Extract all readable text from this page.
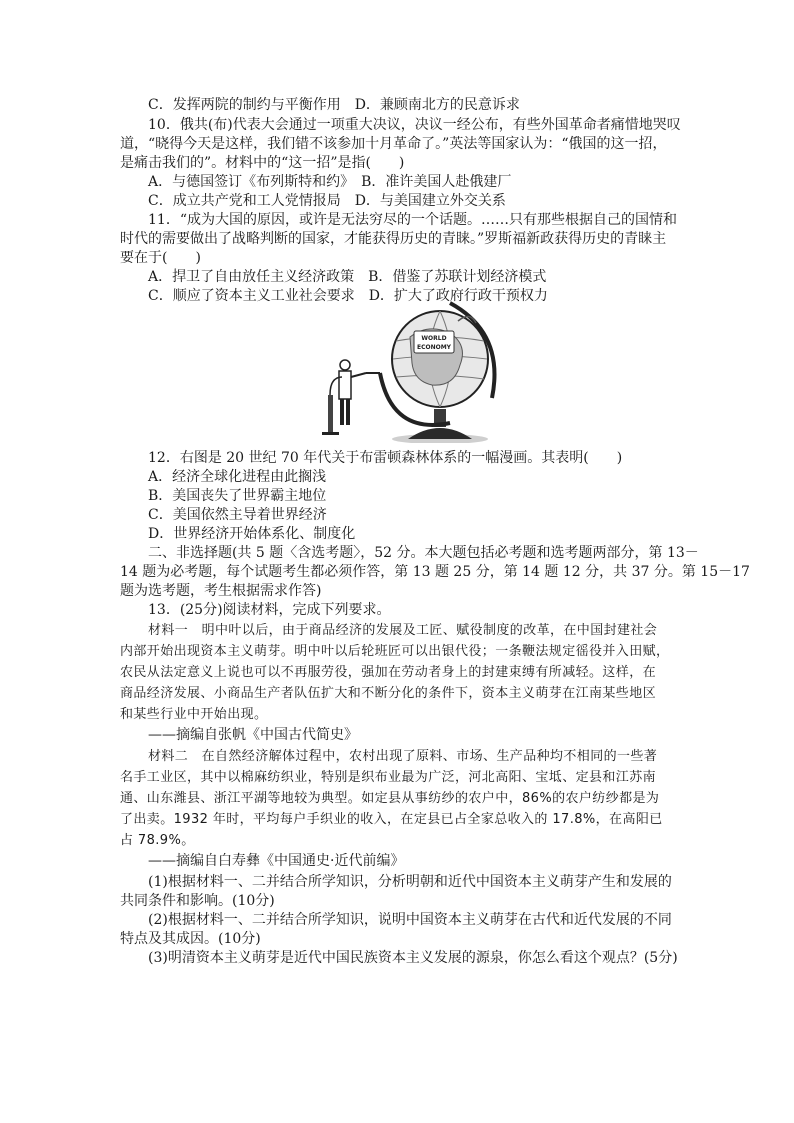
C．发挥两院的制约与平衡作用　D．兼顾南北方的民意诉求
10．俄共(布)代表大会通过一项重大决议，决议一经公布，有些外国革命者痛惜地哭叹
道，“晓得今天是这样，我们错不该参加十月革命了。”英法等国家认为：“俄国的这一招，
是痛击我们的”。材料中的“这一招”是指(　　)
A．与德国签订《布列斯特和约》　B．准许美国人赴俄建厂
C．成立共产党和工人党情报局　D．与美国建立外交关系
11．“成为大国的原因，或许是无法穷尽的一个话题。……只有那些根据自己的国情和
时代的需要做出了战略判断的国家，才能获得历史的青睐。”罗斯福新政获得历史的青睐主
要在于(　　)
A．捍卫了自由放任主义经济政策　B．借鉴了苏联计划经济模式
C．顺应了资本主义工业社会要求　D．扩大了政府行政干预权力
WORLD
ECONOMY
12．右图是 20 世纪 70 年代关于布雷顿森林体系的一幅漫画。其表明(　　)
A．经济全球化进程由此搁浅
B．美国丧失了世界霸主地位
C．美国依然主导着世界经济
D．世界经济开始体系化、制度化
二、非选择题(共 5 题〈含选考题〉，52 分。本大题包括必考题和选考题两部分，第 13－
14 题为必考题，每个试题考生都必须作答，第 13 题 25 分，第 14 题 12 分，共 37 分。第 15－17
题为选考题，考生根据需求作答)
13．(25分)阅读材料，完成下列要求。
材料一　明中叶以后，由于商品经济的发展及工匠、赋役制度的改革，在中国封建社会
内部开始出现资本主义萌芽。明中叶以后轮班匠可以出银代役；一条鞭法规定徭役并入田赋，
农民从法定意义上说也可以不再服劳役，强加在劳动者身上的封建束缚有所减轻。这样，在
商品经济发展、小商品生产者队伍扩大和不断分化的条件下，资本主义萌芽在江南某些地区
和某些行业中开始出现。
——摘编自张帆《中国古代简史》
材料二　在自然经济解体过程中，农村出现了原料、市场、生产品种均不相同的一些著
名手工业区，其中以棉麻纺织业，特别是织布业最为广泛，河北高阳、宝坻、定县和江苏南
通、山东潍县、浙江平湖等地较为典型。如定县从事纺纱的农户中，86%的农户纺纱都是为
了出卖。1932 年时，平均每户手织业的收入，在定县已占全家总收入的 17.8%，在高阳已
占 78.9%。
——摘编自白寿彝《中国通史·近代前编》
(1)根据材料一、二并结合所学知识，分析明朝和近代中国资本主义萌芽产生和发展的
共同条件和影响。(10分)
(2)根据材料一、二并结合所学知识，说明中国资本主义萌芽在古代和近代发展的不同
特点及其成因。(10分)
(3)明清资本主义萌芽是近代中国民族资本主义发展的源泉，你怎么看这个观点？(5分)
